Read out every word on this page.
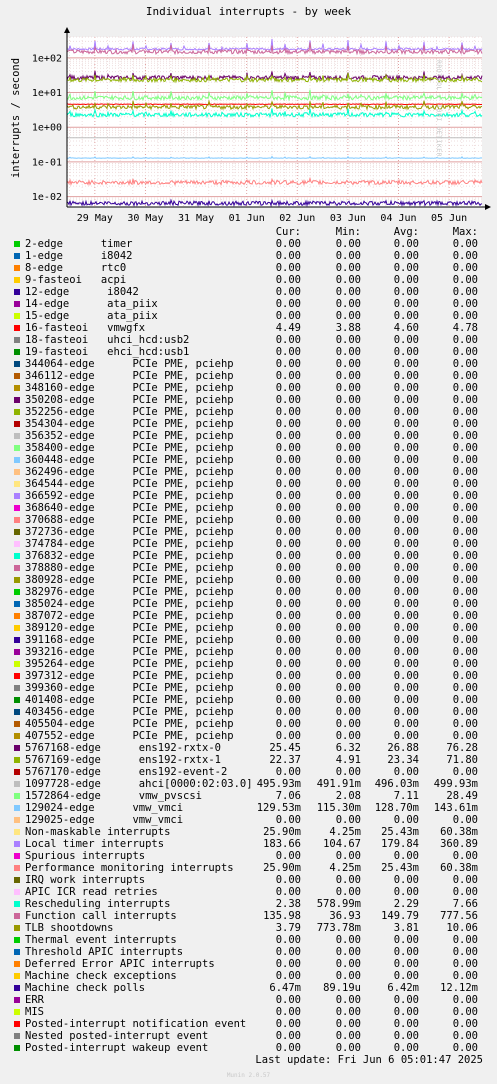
1e-02
1e-01
1e+00
1e+01
1e+02
29 May 30 May 31 May 01 Jun 02 Jun 03 Jun 04 Jun 05 Jun
Individual interrupts - by week
interrupts / second	RRDTOOL / TOBI OETIKER
Cur:	Min:	Avg:	Max:
2-edge      timer	0.00	0.00	0.00	0.00
1-edge      i8042	0.00	0.00	0.00	0.00
8-edge      rtc0	0.00	0.00	0.00	0.00
9-fasteoi   acpi	0.00	0.00	0.00	0.00
12-edge      i8042	0.00	0.00	0.00	0.00
14-edge      ata_piix	0.00	0.00	0.00	0.00
15-edge      ata_piix	0.00	0.00	0.00	0.00
16-fasteoi   vmwgfx	4.49	3.88	4.60	4.78
18-fasteoi   uhci_hcd:usb2	0.00	0.00	0.00	0.00
19-fasteoi   ehci_hcd:usb1	0.00	0.00	0.00	0.00
344064-edge      PCIe PME, pciehp	0.00	0.00	0.00	0.00
346112-edge      PCIe PME, pciehp	0.00	0.00	0.00	0.00
348160-edge      PCIe PME, pciehp	0.00	0.00	0.00	0.00
350208-edge      PCIe PME, pciehp	0.00	0.00	0.00	0.00
352256-edge      PCIe PME, pciehp	0.00	0.00	0.00	0.00
354304-edge      PCIe PME, pciehp	0.00	0.00	0.00	0.00
356352-edge      PCIe PME, pciehp	0.00	0.00	0.00	0.00
358400-edge      PCIe PME, pciehp	0.00	0.00	0.00	0.00
360448-edge      PCIe PME, pciehp	0.00	0.00	0.00	0.00
362496-edge      PCIe PME, pciehp	0.00	0.00	0.00	0.00
364544-edge      PCIe PME, pciehp	0.00	0.00	0.00	0.00
366592-edge      PCIe PME, pciehp	0.00	0.00	0.00	0.00
368640-edge      PCIe PME, pciehp	0.00	0.00	0.00	0.00
370688-edge      PCIe PME, pciehp	0.00	0.00	0.00	0.00
372736-edge      PCIe PME, pciehp	0.00	0.00	0.00	0.00
374784-edge      PCIe PME, pciehp	0.00	0.00	0.00	0.00
376832-edge      PCIe PME, pciehp	0.00	0.00	0.00	0.00
378880-edge      PCIe PME, pciehp	0.00	0.00	0.00	0.00
380928-edge      PCIe PME, pciehp	0.00	0.00	0.00	0.00
382976-edge      PCIe PME, pciehp	0.00	0.00	0.00	0.00
385024-edge      PCIe PME, pciehp	0.00	0.00	0.00	0.00
387072-edge      PCIe PME, pciehp	0.00	0.00	0.00	0.00
389120-edge      PCIe PME, pciehp	0.00	0.00	0.00	0.00
391168-edge      PCIe PME, pciehp	0.00	0.00	0.00	0.00
393216-edge      PCIe PME, pciehp	0.00	0.00	0.00	0.00
395264-edge      PCIe PME, pciehp	0.00	0.00	0.00	0.00
397312-edge      PCIe PME, pciehp	0.00	0.00	0.00	0.00
399360-edge      PCIe PME, pciehp	0.00	0.00	0.00	0.00
401408-edge      PCIe PME, pciehp	0.00	0.00	0.00	0.00
403456-edge      PCIe PME, pciehp	0.00	0.00	0.00	0.00
405504-edge      PCIe PME, pciehp	0.00	0.00	0.00	0.00
407552-edge      PCIe PME, pciehp	0.00	0.00	0.00	0.00
5767168-edge      ens192-rxtx-0	25.45	6.32	26.88	76.28
5767169-edge      ens192-rxtx-1	22.37	4.91	23.34	71.80
5767170-edge      ens192-event-2	0.00	0.00	0.00	0.00
1097728-edge      ahci[0000:02:03.0] 495.93m	491.91m	496.03m	499.93m
1572864-edge      vmw_pvscsi	7.06	2.08	7.11	28.49
129024-edge      vmw_vmci	129.53m	115.30m	128.70m	143.61m
129025-edge      vmw_vmci	0.00	0.00	0.00	0.00
Non-maskable interrupts	25.90m	4.25m	25.43m	60.38m
Local timer interrupts	183.66	104.67	179.84	360.89
Spurious interrupts	0.00	0.00	0.00	0.00
Performance monitoring interrupts	25.90m	4.25m	25.43m	60.38m
IRQ work interrupts	0.00	0.00	0.00	0.00
APIC ICR read retries	0.00	0.00	0.00	0.00
Rescheduling interrupts	2.38	578.99m	2.29	7.66
Function call interrupts	135.98	36.93	149.79	777.56
TLB shootdowns	3.79	773.78m	3.81	10.06
Thermal event interrupts	0.00	0.00	0.00	0.00
Threshold APIC interrupts	0.00	0.00	0.00	0.00
Deferred Error APIC interrupts	0.00	0.00	0.00	0.00
Machine check exceptions	0.00	0.00	0.00	0.00
Machine check polls	6.47m	89.19u	6.42m	12.12m
ERR	0.00	0.00	0.00	0.00
MIS	0.00	0.00	0.00	0.00
Posted-interrupt notification event	0.00	0.00	0.00	0.00
Nested posted-interrupt event	0.00	0.00	0.00	0.00
Posted-interrupt wakeup event	0.00	0.00	0.00	0.00
Last update: Fri Jun 6 05:01:47 2025
Munin 2.0.57
